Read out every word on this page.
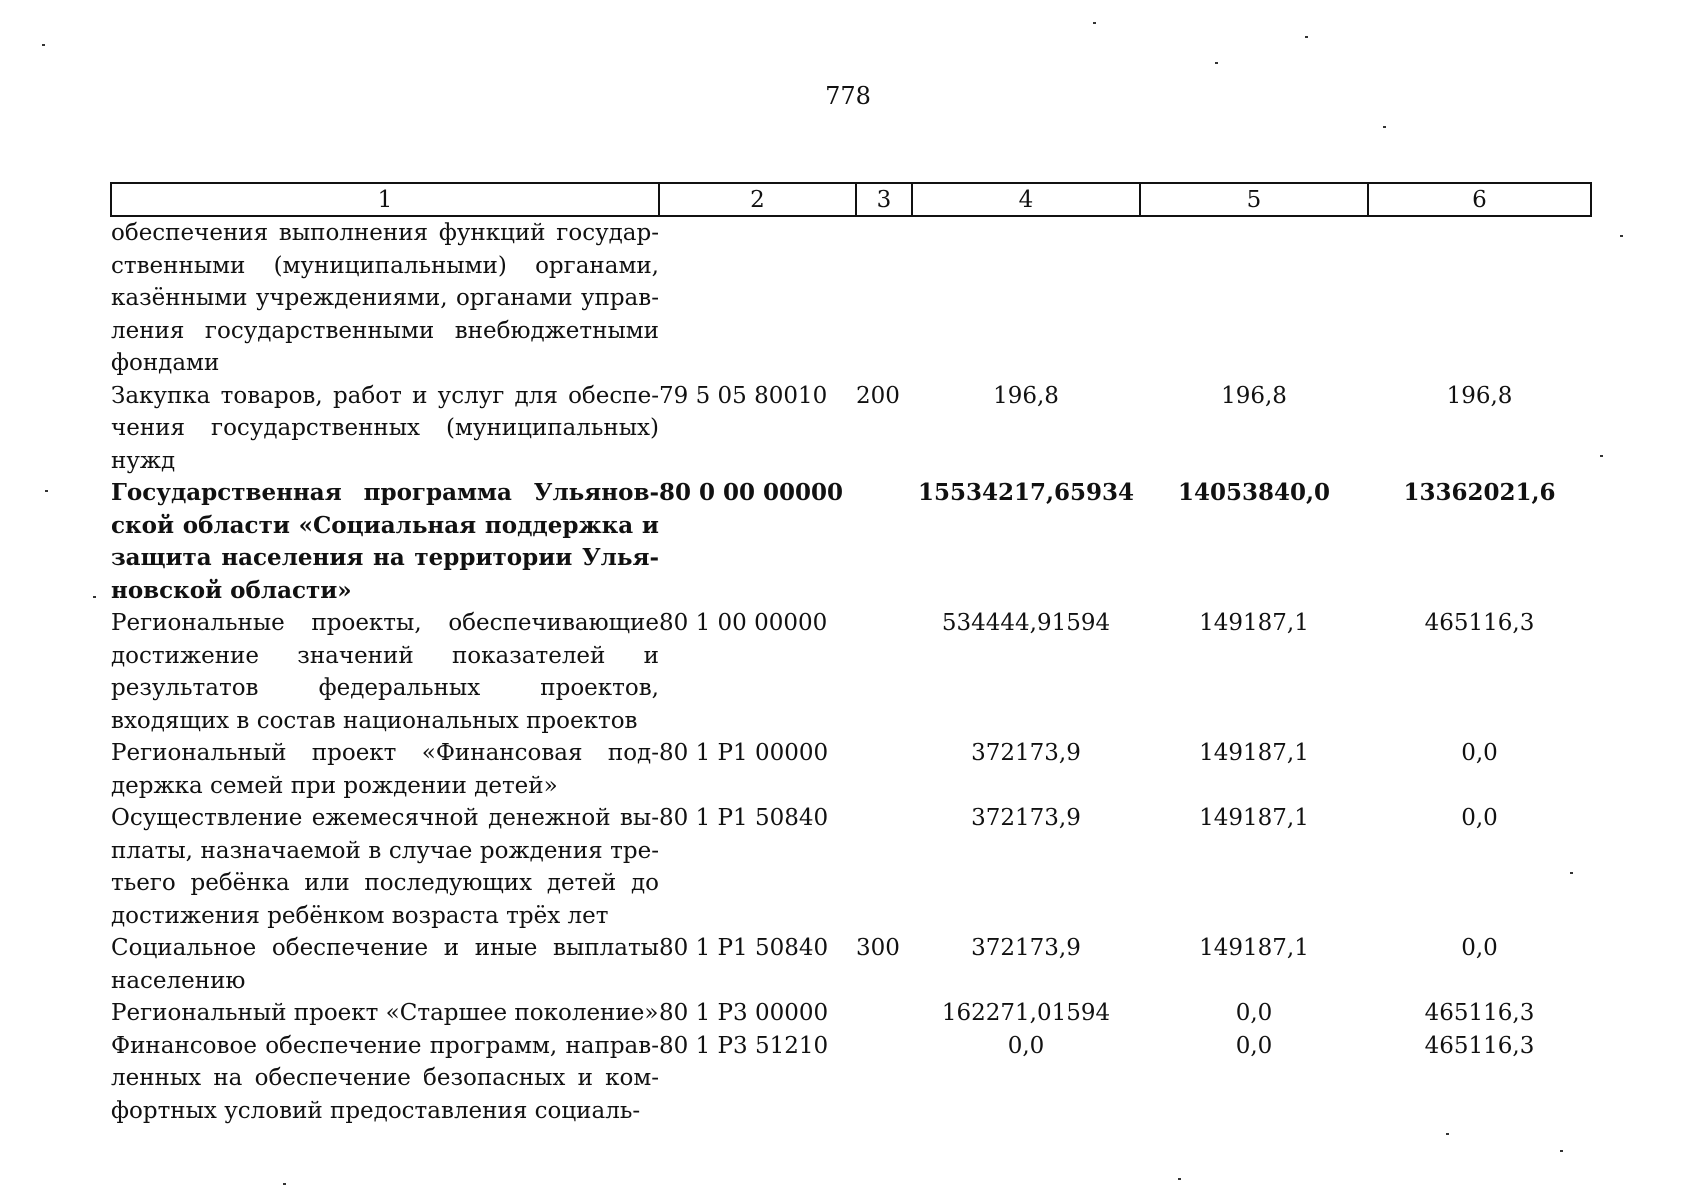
778
1	2	3	4	5	6
обеспечения выполнения функций государственными (муниципальными) органами, казёнными учреждениями, органами управления государственными внебюджетными фондами					
Закупка товаров, работ и услуг для обеспечения государственных (муниципальных) нужд	79 5 05 80010	200	196,8	196,8	196,8
Государственная программа Ульяновской области «Социальная поддержка и защита населения на территории Ульяновской области»	80 0 00 00000		15534217,65934	14053840,0	13362021,6
Региональные проекты, обеспечивающие достижение значений показателей и результатов федеральных проектов, входящих в состав национальных проектов	80 1 00 00000		534444,91594	149187,1	465116,3
Региональный проект «Финансовая поддержка семей при рождении детей»	80 1 P1 00000		372173,9	149187,1	0,0
Осуществление ежемесячной денежной выплаты, назначаемой в случае рождения третьего ребёнка или последующих детей до достижения ребёнком возраста трёх лет	80 1 P1 50840		372173,9	149187,1	0,0
Социальное обеспечение и иные выплаты населению	80 1 P1 50840	300	372173,9	149187,1	0,0
Региональный проект «Старшее поколение»	80 1 P3 00000		162271,01594	0,0	465116,3
Финансовое обеспечение программ, направленных на обеспечение безопасных и комфортных условий предоставления социаль-	80 1 P3 51210		0,0	0,0	465116,3
